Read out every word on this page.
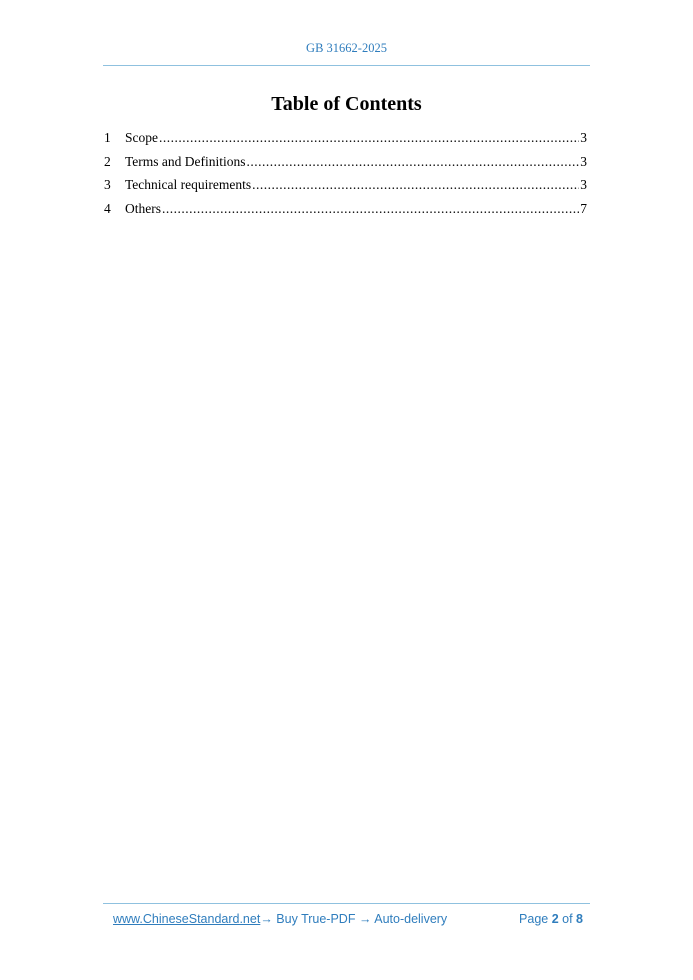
GB 31662-2025
Table of Contents
1	Scope .....	3
2	Terms and Definitions .....	3
3	Technical requirements .....	3
4	Others .....	7
www.ChineseStandard.net → Buy True-PDF → Auto-delivery	Page 2 of 8
